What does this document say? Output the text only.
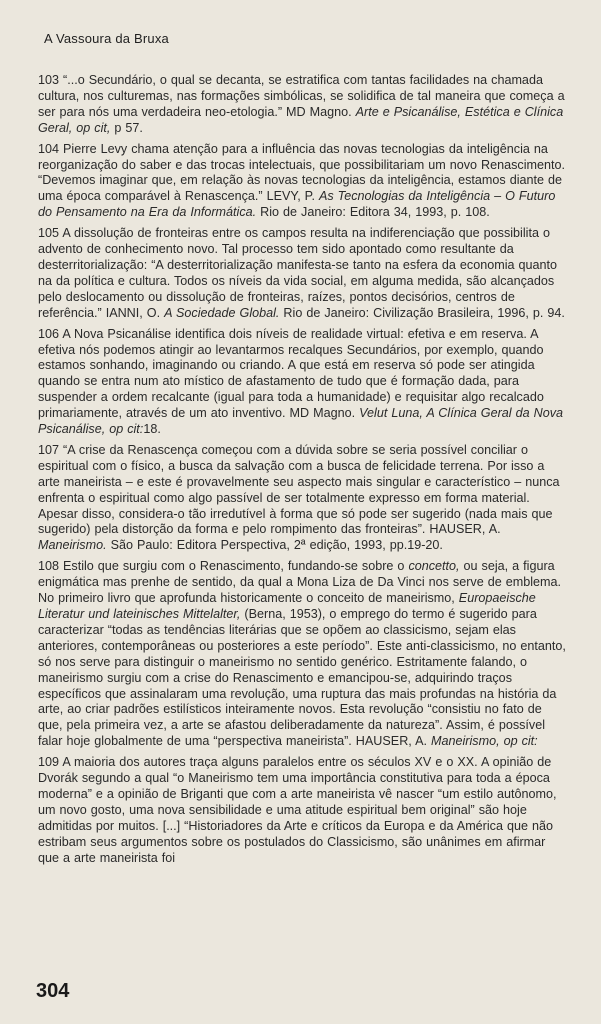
A Vassoura da Bruxa

103 “...o Secundário, o qual se decanta, se estratifica com tantas facilidades na chamada cultura, nos culturemas, nas formações simbólicas, se solidifica de tal maneira que começa a ser para nós uma verdadeira neo-etologia.” MD Magno. Arte e Psicanálise, Estética e Clínica Geral, op cit, p 57.

104 Pierre Levy chama atenção para a influência das novas tecnologias da inteligência na reorganização do saber e das trocas intelectuais, que possibilitariam um novo Renascimento. “Devemos imaginar que, em relação às novas tecnologias da inteligência, estamos diante de uma época comparável à Renascença.” LEVY, P. As Tecnologias da Inteligência – O Futuro do Pensamento na Era da Informática. Rio de Janeiro: Editora 34, 1993, p. 108.

105 A dissolução de fronteiras entre os campos resulta na indiferenciação que possibilita o advento de conhecimento novo. Tal processo tem sido apontado como resultante da desterritorialização: “A desterritorialização manifesta-se tanto na esfera da economia quanto na da política e cultura. Todos os níveis da vida social, em alguma medida, são alcançados pelo deslocamento ou dissolução de fronteiras, raízes, pontos decisórios, centros de referência.” IANNI, O. A Sociedade Global. Rio de Janeiro: Civilização Brasileira, 1996, p. 94.

106 A Nova Psicanálise identifica dois níveis de realidade virtual: efetiva e em reserva. A efetiva nós podemos atingir ao levantarmos recalques Secundários, por exemplo, quando estamos sonhando, imaginando ou criando. A que está em reserva só pode ser atingida quando se entra num ato místico de afastamento de tudo que é formação dada, para suspender a ordem recalcante (igual para toda a humanidade) e requisitar algo recalcado primariamente, através de um ato inventivo. MD Magno. Velut Luna, A Clínica Geral da Nova Psicanálise, op cit:18.

107 “A crise da Renascença começou com a dúvida sobre se seria possível conciliar o espiritual com o físico, a busca da salvação com a busca de felicidade terrena. Por isso a arte maneirista – e este é provavelmente seu aspecto mais singular e característico – nunca enfrenta o espiritual como algo passível de ser totalmente expresso em forma material. Apesar disso, considera-o tão irredutível à forma que só pode ser sugerido (nada mais que sugerido) pela distorção da forma e pelo rompimento das fronteiras”. HAUSER, A. Maneirismo. São Paulo: Editora Perspectiva, 2ª edição, 1993, pp.19-20.

108 Estilo que surgiu com o Renascimento, fundando-se sobre o concetto, ou seja, a figura enigmática mas prenhe de sentido, da qual a Mona Liza de Da Vinci nos serve de emblema. No primeiro livro que aprofunda historicamente o conceito de maneirismo, Europaeische Literatur und lateinisches Mittelalter, (Berna, 1953), o emprego do termo é sugerido para caracterizar “todas as tendências literárias que se opõem ao classicismo, sejam elas anteriores, contemporâneas ou posteriores a este período”. Este anti-classicismo, no entanto, só nos serve para distinguir o maneirismo no sentido genérico. Estritamente falando, o maneirismo surgiu com a crise do Renascimento e emancipou-se, adquirindo traços específicos que assinalaram uma revolução, uma ruptura das mais profundas na história da arte, ao criar padrões estilísticos inteiramente novos. Esta revolução “consistiu no fato de que, pela primeira vez, a arte se afastou deliberadamente da natureza”. Assim, é possível falar hoje globalmente de uma “perspectiva maneirista”. HAUSER, A. Maneirismo, op cit:

109 A maioria dos autores traça alguns paralelos entre os séculos XV e o XX. A opinião de Dvorák segundo a qual “o Maneirismo tem uma importância constitutiva para toda a época moderna” e a opinião de Briganti que com a arte maneirista vê nascer “um estilo autônomo, um novo gosto, uma nova sensibilidade e uma atitude espiritual bem original” são hoje admitidas por muitos. [...] “Historiadores da Arte e críticos da Europa e da América que não estribam seus argumentos sobre os postulados do Classicismo, são unânimes em afirmar que a arte maneirista foi

304
